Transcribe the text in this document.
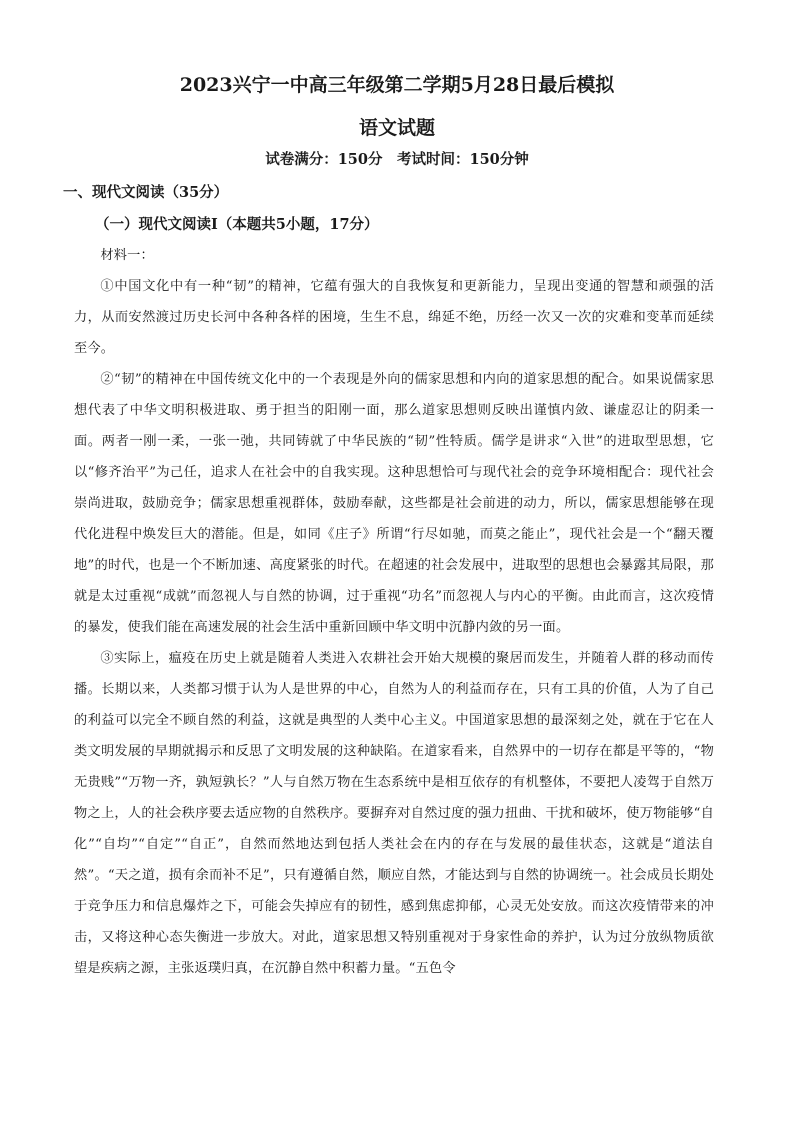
2023兴宁一中高三年级第二学期5月28日最后模拟
语文试题
试卷满分：150分　考试时间：150分钟
一、现代文阅读（35分）
（一）现代文阅读Ⅰ（本题共5小题，17分）

材料一：

①中国文化中有一种“韧”的精神，它蕴有强大的自我恢复和更新能力，呈现出变通的智慧和顽强的活力，从而安然渡过历史长河中各种各样的困境，生生不息，绵延不绝，历经一次又一次的灾难和变革而延续至今。

②“韧”的精神在中国传统文化中的一个表现是外向的儒家思想和内向的道家思想的配合。如果说儒家思想代表了中华文明积极进取、勇于担当的阳刚一面，那么道家思想则反映出谨慎内敛、谦虚忍让的阴柔一面。两者一刚一柔，一张一弛，共同铸就了中华民族的“韧”性特质。儒学是讲求“入世”的进取型思想，它以“修齐治平”为己任，追求人在社会中的自我实现。这种思想恰可与现代社会的竞争环境相配合：现代社会崇尚进取，鼓励竞争；儒家思想重视群体，鼓励奉献，这些都是社会前进的动力，所以，儒家思想能够在现代化进程中焕发巨大的潜能。但是，如同《庄子》所谓“行尽如驰，而莫之能止”，现代社会是一个“翻天覆地”的时代，也是一个不断加速、高度紧张的时代。在超速的社会发展中，进取型的思想也会暴露其局限，那就是太过重视“成就”而忽视人与自然的协调，过于重视“功名”而忽视人与内心的平衡。由此而言，这次疫情的暴发，使我们能在高速发展的社会生活中重新回顾中华文明中沉静内敛的另一面。

③实际上，瘟疫在历史上就是随着人类进入农耕社会开始大规模的聚居而发生，并随着人群的移动而传播。长期以来，人类都习惯于认为人是世界的中心，自然为人的利益而存在，只有工具的价值，人为了自己的利益可以完全不顾自然的利益，这就是典型的人类中心主义。中国道家思想的最深刻之处，就在于它在人类文明发展的早期就揭示和反思了文明发展的这种缺陷。在道家看来，自然界中的一切存在都是平等的，“物无贵贱”“万物一齐，孰短孰长？”人与自然万物在生态系统中是相互依存的有机整体，不要把人凌驾于自然万物之上，人的社会秩序要去适应物的自然秩序。要摒弃对自然过度的强力扭曲、干扰和破坏，使万物能够“自化”“自均”“自定”“自正”，自然而然地达到包括人类社会在内的存在与发展的最佳状态，这就是“道法自然”。“天之道，损有余而补不足”，只有遵循自然，顺应自然，才能达到与自然的协调统一。社会成员长期处于竞争压力和信息爆炸之下，可能会失掉应有的韧性，感到焦虑抑郁，心灵无处安放。而这次疫情带来的冲击，又将这种心态失衡进一步放大。对此，道家思想又特别重视对于身家性命的养护，认为过分放纵物质欲望是疾病之源，主张返璞归真，在沉静自然中积蓄力量。“五色令
